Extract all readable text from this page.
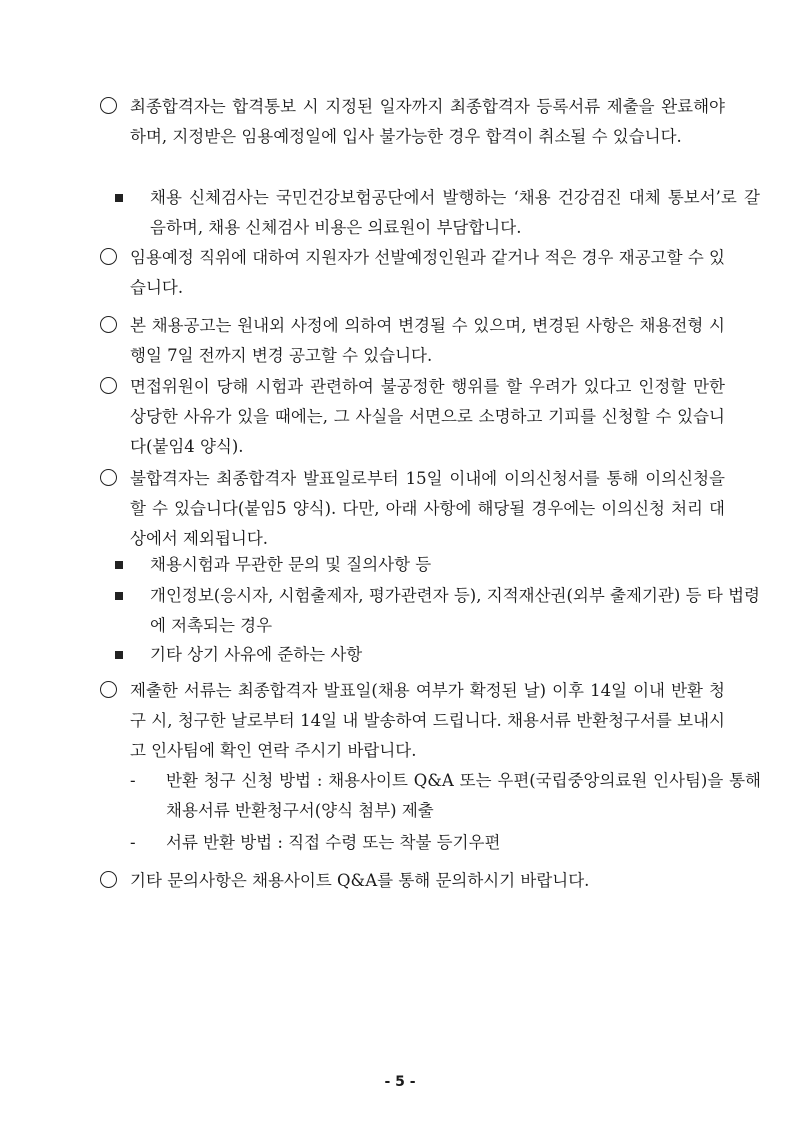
최종합격자는 합격통보 시 지정된 일자까지 최종합격자 등록서류 제출을 완료해야하며, 지정받은 임용예정일에 입사 불가능한 경우 합격이 취소될 수 있습니다.
채용 신체검사는 국민건강보험공단에서 발행하는 ‘채용 건강검진 대체 통보서’로 갈음하며, 채용 신체검사 비용은 의료원이 부담합니다.
임용예정 직위에 대하여 지원자가 선발예정인원과 같거나 적은 경우 재공고할 수 있습니다.
본 채용공고는 원내외 사정에 의하여 변경될 수 있으며, 변경된 사항은 채용전형 시행일 7일 전까지 변경 공고할 수 있습니다.
면접위원이 당해 시험과 관련하여 불공정한 행위를 할 우려가 있다고 인정할 만한 상당한 사유가 있을 때에는, 그 사실을 서면으로 소명하고 기피를 신청할 수 있습니다(붙임4 양식).
불합격자는 최종합격자 발표일로부터 15일 이내에 이의신청서를 통해 이의신청을 할 수 있습니다(붙임5 양식). 다만, 아래 사항에 해당될 경우에는 이의신청 처리 대상에서 제외됩니다.
채용시험과 무관한 문의 및 질의사항 등
개인정보(응시자, 시험출제자, 평가관련자 등), 지적재산권(외부 출제기관) 등 타 법령에 저촉되는 경우
기타 상기 사유에 준하는 사항
제출한 서류는 최종합격자 발표일(채용 여부가 확정된 날) 이후 14일 이내 반환 청구 시, 청구한 날로부터 14일 내 발송하여 드립니다. 채용서류 반환청구서를 보내시고 인사팀에 확인 연락 주시기 바랍니다.
- 반환 청구 신청 방법 : 채용사이트 Q&A 또는 우편(국립중앙의료원 인사팀)을 통해 채용서류 반환청구서(양식 첨부) 제출
- 서류 반환 방법 : 직접 수령 또는 착불 등기우편
기타 문의사항은 채용사이트 Q&A를 통해 문의하시기 바랍니다.
- 5 -
